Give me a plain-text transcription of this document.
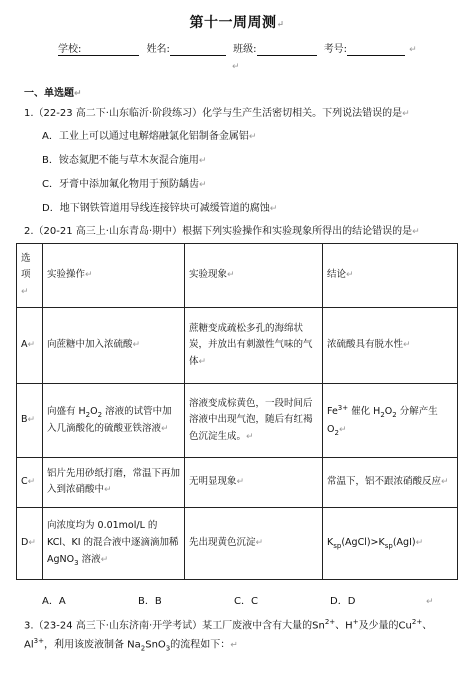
第十一周周测↵
学校:	姓名:	班级:	考号:	↵
↵
一、单选题↵
1.（22-23 高二下·山东临沂·阶段练习）化学与生产生活密切相关。下列说法错误的是↵
A．工业上可以通过电解熔融氯化铝制备金属铝↵
B．铵态氮肥不能与草木灰混合施用↵
C．牙膏中添加氟化物用于预防龋齿↵
D．地下钢铁管道用导线连接锌块可减缓管道的腐蚀↵
2.（20-21 高三上·山东青岛·期中）根据下列实验操作和实验现象所得出的结论错误的是↵
选项↵	实验操作↵	实验现象↵	结论↵
A↵	向蔗糖中加入浓硫酸↵	蔗糖变成疏松多孔的海绵状炭，并放出有刺激性气味的气体↵	浓硫酸具有脱水性↵
B↵	向盛有 $H_2O_2$ 溶液的试管中加入几滴酸化的硫酸亚铁溶液↵	溶液变成棕黄色，一段时间后溶液中出现气泡，随后有红褐色沉淀生成。↵	$Fe^{3+}$ 催化 $H_2O_2$ 分解产生 $O_2↵$
C↵	铝片先用砂纸打磨，常温下再加入到浓硝酸中↵	无明显现象↵	常温下，铝不跟浓硝酸反应↵
D↵	向浓度均为 0.01mol/L 的 KCl、KI 的混合液中逐滴滴加稀 AgNO$_3$ 溶液↵	先出现黄色沉淀↵	$K_{sp}(AgCl)>K_{sp}(AgI)↵$
A．A	B．B	C．C	D．D	↵
3.（23-24 高三下·山东济南·开学考试）某工厂废液中含有大量的$Sn^{2+}$、H+及少量的$Cu^{2+}$、
$Al^{3+}$，利用该废液制备 $Na_2SnO_3$的流程如下：↵
